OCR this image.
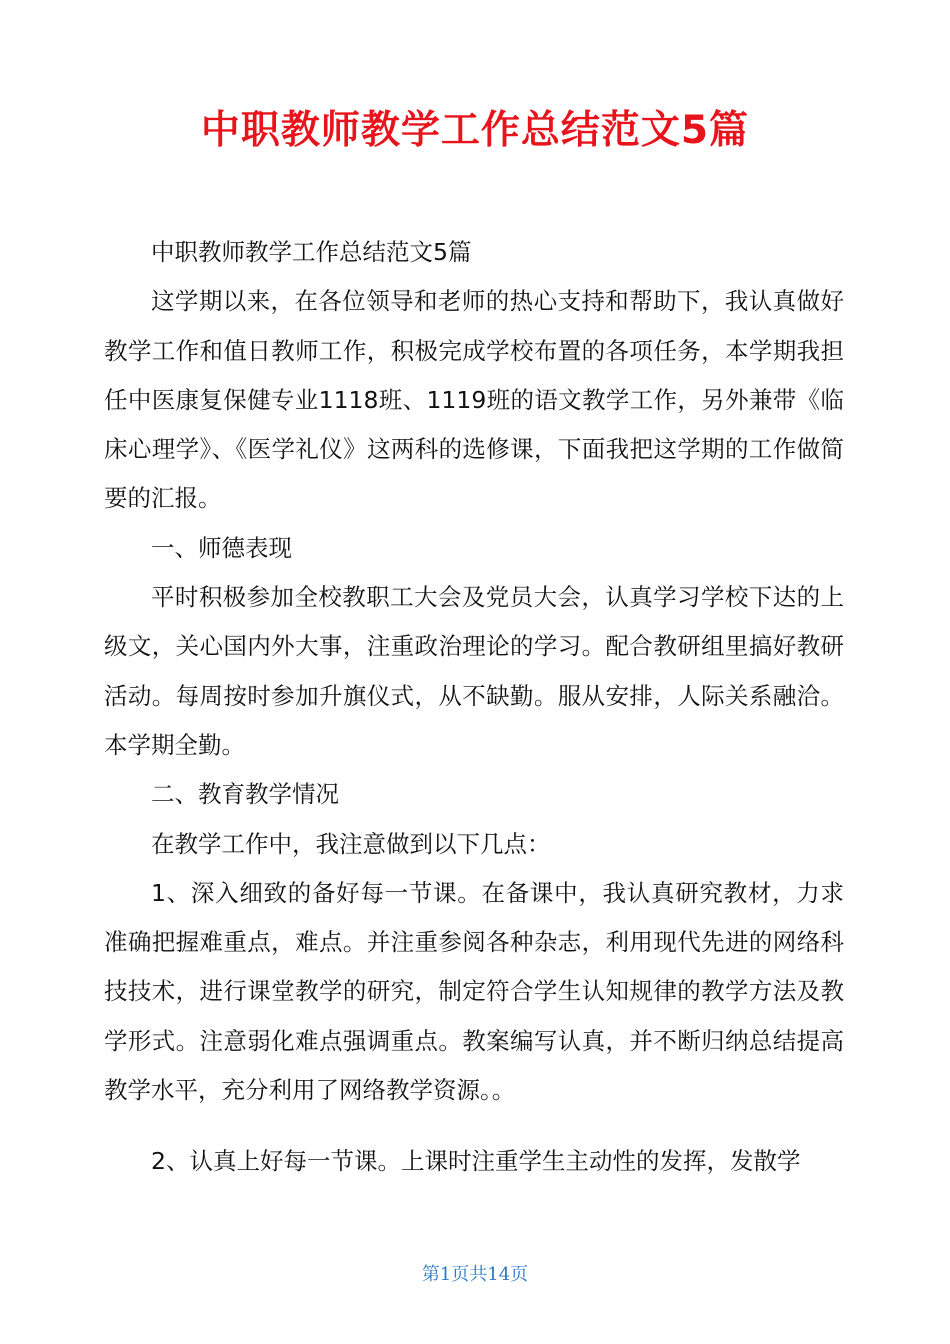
中职教师教学工作总结范文5篇

中职教师教学工作总结范文5篇

这学期以来，在各位领导和老师的热心支持和帮助下，我认真做好教学工作和值日教师工作，积极完成学校布置的各项任务，本学期我担任中医康复保健专业1118班、1119班的语文教学工作，另外兼带《临床心理学》、《医学礼仪》这两科的选修课，下面我把这学期的工作做简要的汇报。

一、师德表现

平时积极参加全校教职工大会及党员大会，认真学习学校下达的上级文，关心国内外大事，注重政治理论的学习。配合教研组里搞好教研活动。每周按时参加升旗仪式，从不缺勤。服从安排，人际关系融洽。本学期全勤。

二、教育教学情况

在教学工作中，我注意做到以下几点：

1、深入细致的备好每一节课。在备课中，我认真研究教材，力求准确把握难重点，难点。并注重参阅各种杂志，利用现代先进的网络科技技术，进行课堂教学的研究，制定符合学生认知规律的教学方法及教学形式。注意弱化难点强调重点。教案编写认真，并不断归纳总结提高教学水平，充分利用了网络教学资源。。

2、认真上好每一节课。上课时注重学生主动性的发挥，发散学

第1页共14页
